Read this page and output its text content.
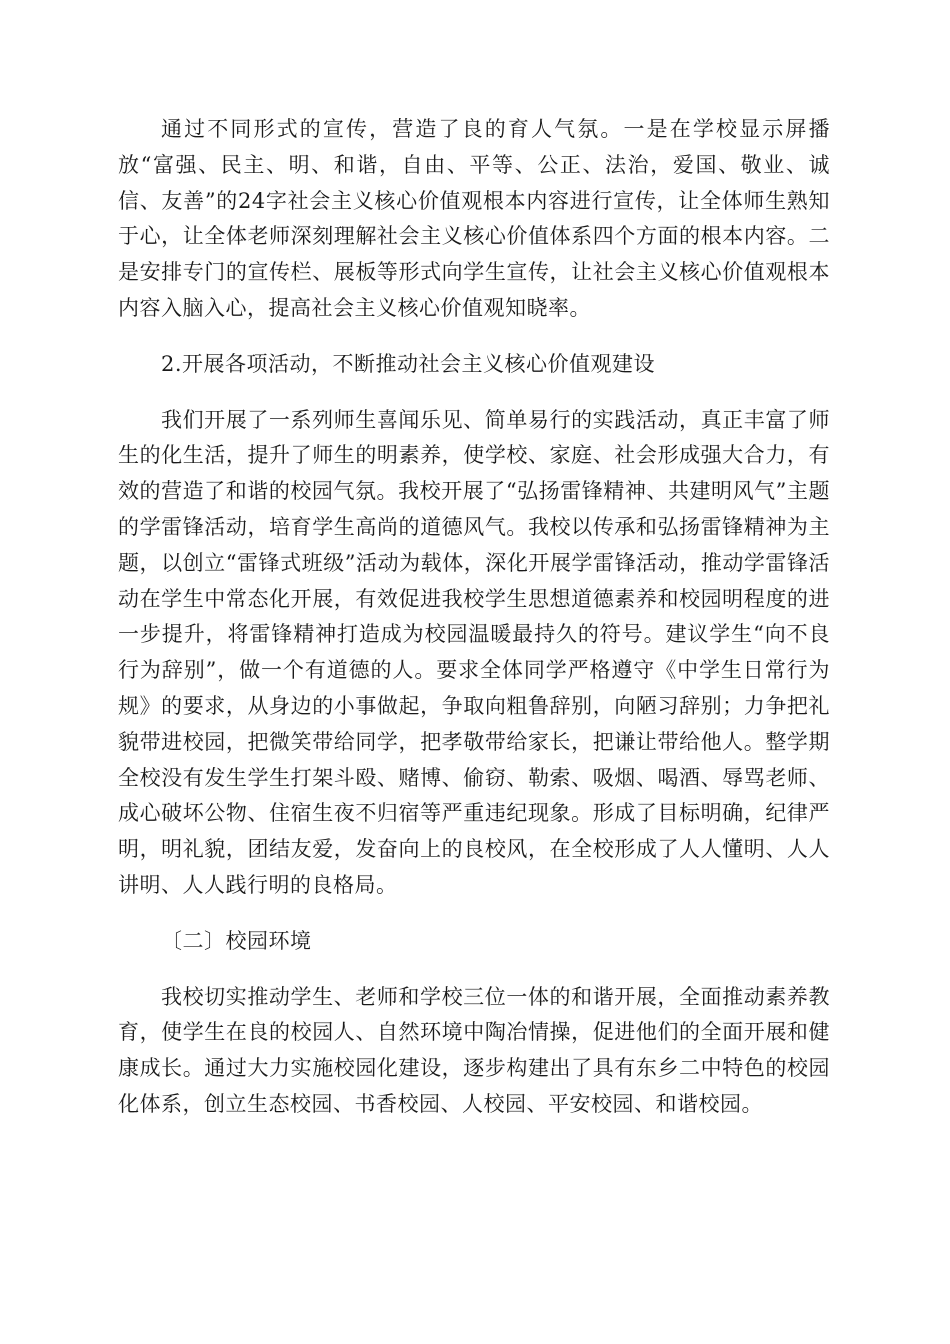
通过不同形式的宣传，营造了良的育人气氛。一是在学校显示屏播放“富强、民主、明、和谐，自由、平等、公正、法治，爱国、敬业、诚信、友善”的24字社会主义核心价值观根本内容进行宣传，让全体师生熟知于心，让全体老师深刻理解社会主义核心价值体系四个方面的根本内容。二是安排专门的宣传栏、展板等形式向学生宣传，让社会主义核心价值观根本内容入脑入心，提高社会主义核心价值观知晓率。

2.开展各项活动，不断推动社会主义核心价值观建设

我们开展了一系列师生喜闻乐见、简单易行的实践活动，真正丰富了师生的化生活，提升了师生的明素养，使学校、家庭、社会形成强大合力，有效的营造了和谐的校园气氛。我校开展了“弘扬雷锋精神、共建明风气”主题的学雷锋活动，培育学生高尚的道德风气。我校以传承和弘扬雷锋精神为主题，以创立“雷锋式班级”活动为载体，深化开展学雷锋活动，推动学雷锋活动在学生中常态化开展，有效促进我校学生思想道德素养和校园明程度的进一步提升，将雷锋精神打造成为校园温暖最持久的符号。建议学生“向不良行为辞别”，做一个有道德的人。要求全体同学严格遵守《中学生日常行为规》的要求，从身边的小事做起，争取向粗鲁辞别，向陋习辞别；力争把礼貌带进校园，把微笑带给同学，把孝敬带给家长，把谦让带给他人。整学期全校没有发生学生打架斗殴、赌博、偷窃、勒索、吸烟、喝酒、辱骂老师、成心破坏公物、住宿生夜不归宿等严重违纪现象。形成了目标明确，纪律严明，明礼貌，团结友爱，发奋向上的良校风，在全校形成了人人懂明、人人讲明、人人践行明的良格局。

〔二〕校园环境

我校切实推动学生、老师和学校三位一体的和谐开展，全面推动素养教育，使学生在良的校园人、自然环境中陶冶情操，促进他们的全面开展和健康成长。通过大力实施校园化建设，逐步构建出了具有东乡二中特色的校园化体系，创立生态校园、书香校园、人校园、平安校园、和谐校园。
